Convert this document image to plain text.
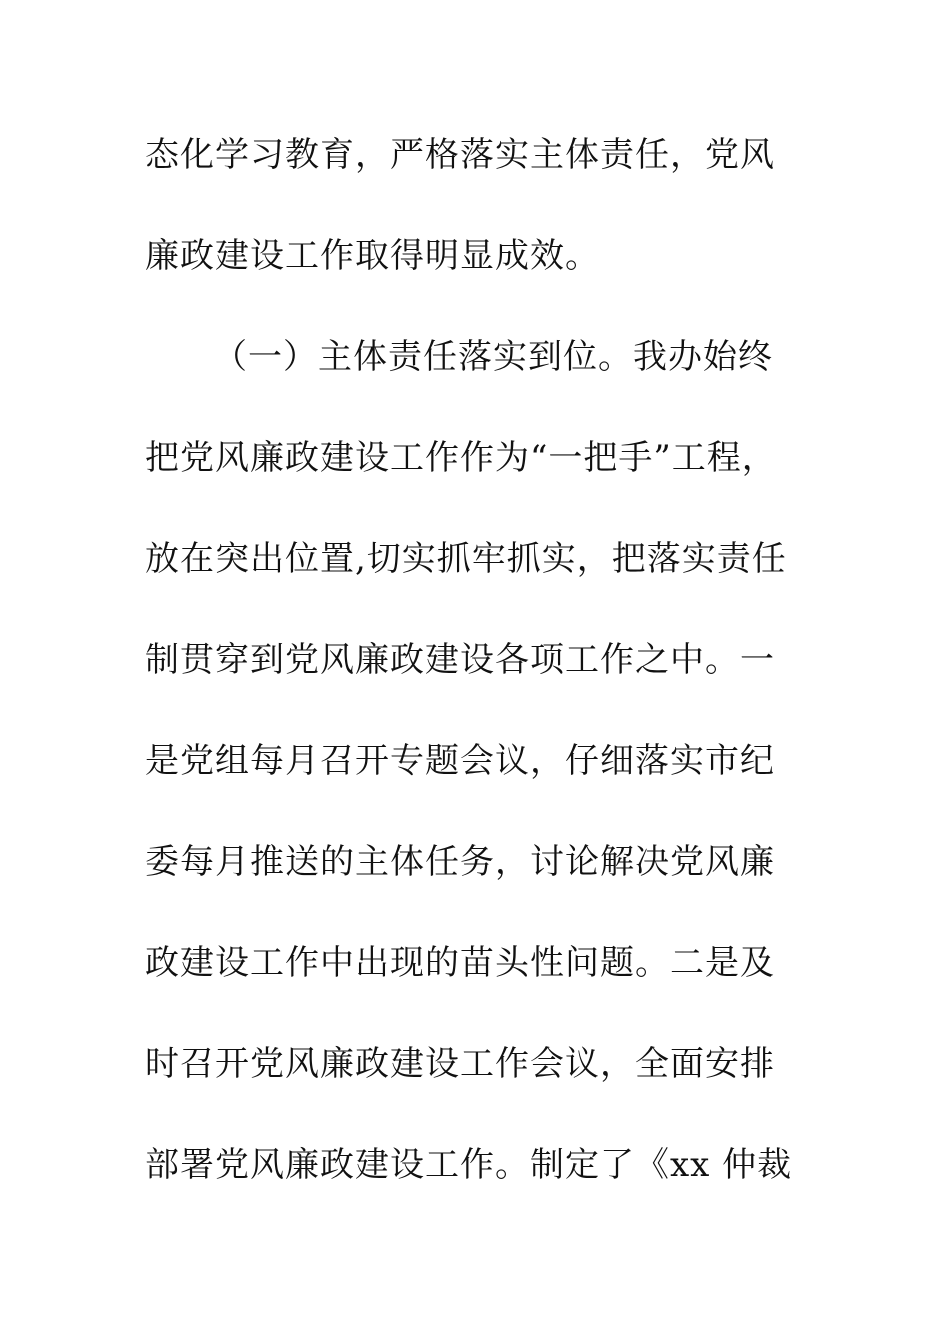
态化学习教育，严格落实主体责任，党风
廉政建设工作取得明显成效。
（一）主体责任落实到位。我办始终
把党风廉政建设工作作为“一把手”工程，
放在突出位置,切实抓牢抓实，把落实责任
制贯穿到党风廉政建设各项工作之中。一
是党组每月召开专题会议，仔细落实市纪
委每月推送的主体任务，讨论解决党风廉
政建设工作中出现的苗头性问题。二是及
时召开党风廉政建设工作会议，全面安排
部署党风廉政建设工作。制定了《xx 仲裁
